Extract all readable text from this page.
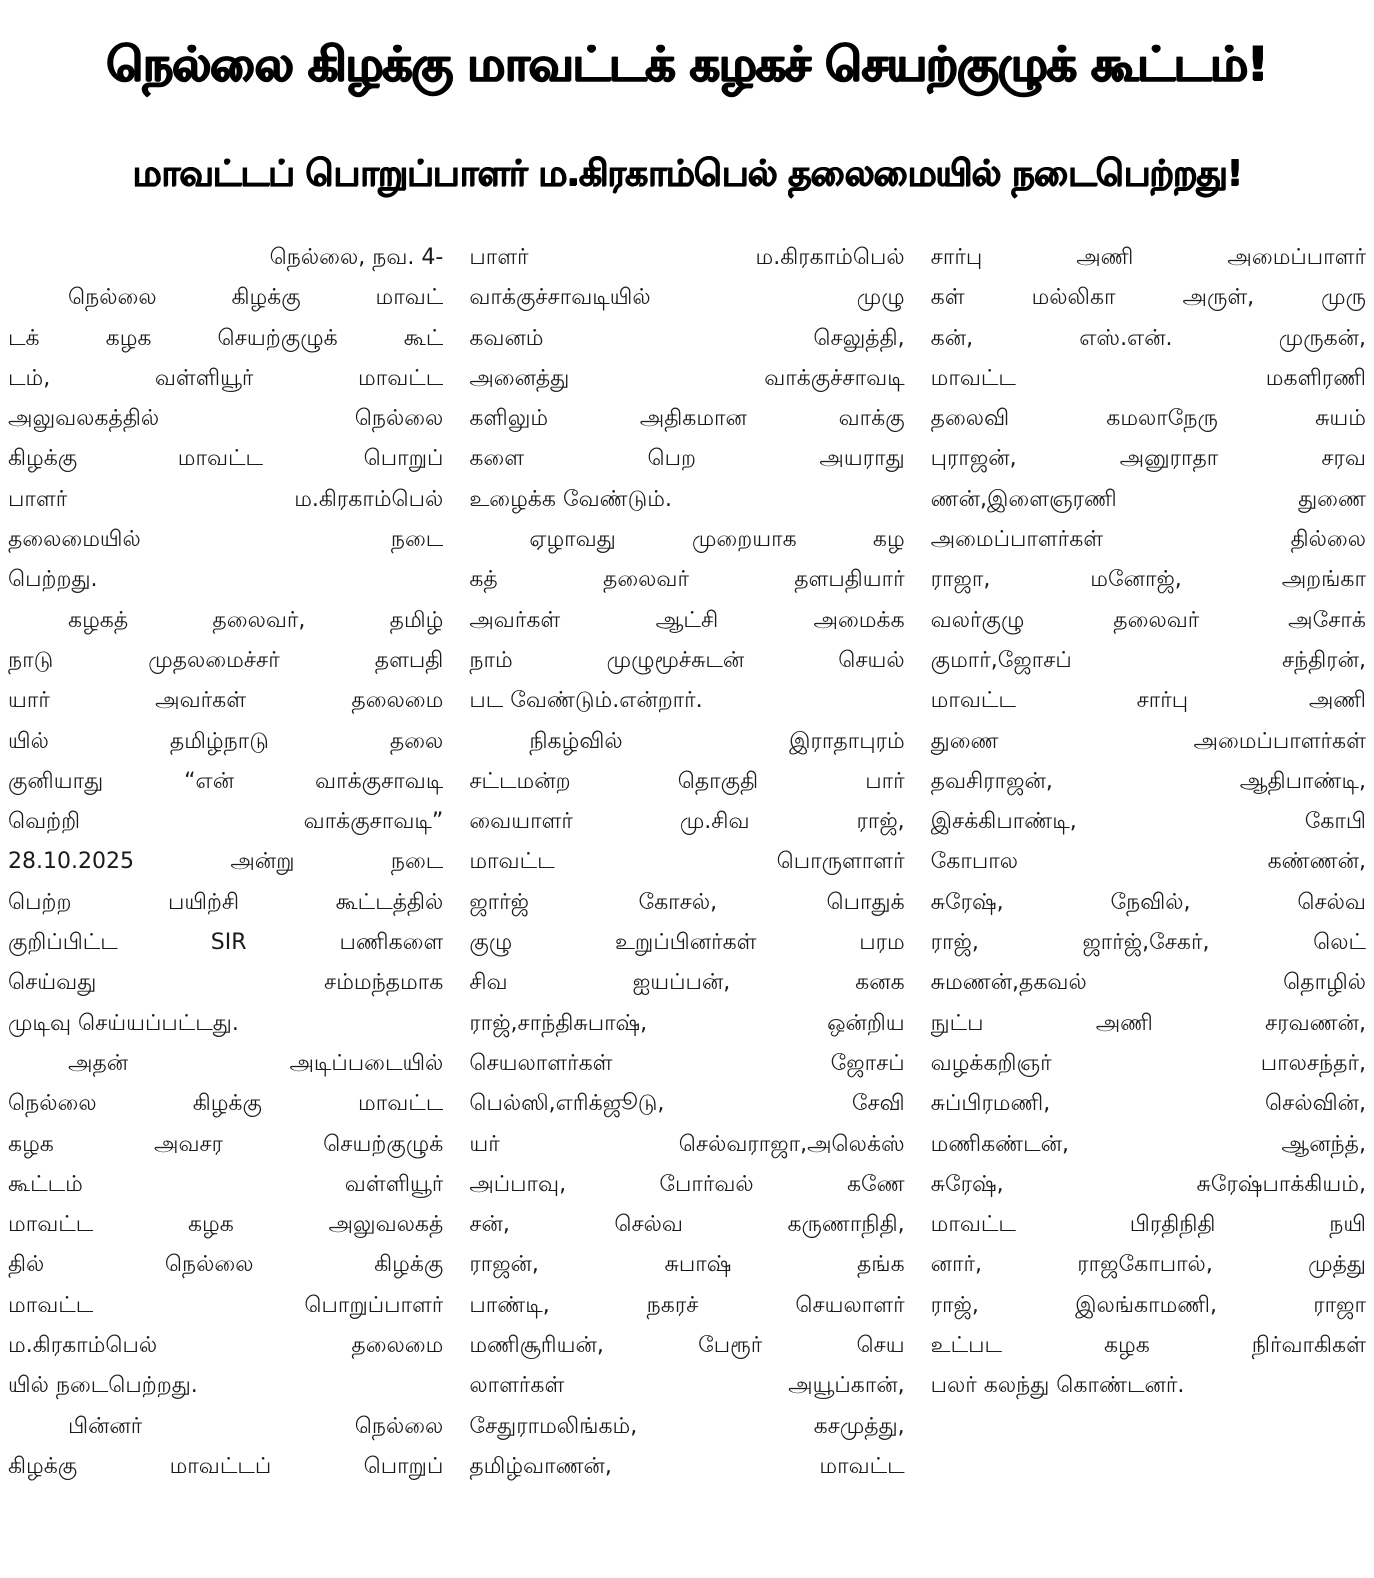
நெல்லை கிழக்கு மாவட்டக் கழகச் செயற்குழுக் கூட்டம்!
மாவட்டப் பொறுப்பாளர் ம.கிரகாம்பெல் தலைமையில் நடைபெற்றது!
நெல்லை, நவ. 4-
நெல்லை கிழக்கு மாவட்
டக் கழக செயற்குழுக் கூட்
டம், வள்ளியூர் மாவட்ட
அலுவலகத்தில் நெல்லை
கிழக்கு மாவட்ட பொறுப்
பாளர் ம.கிரகாம்பெல்
தலைமையில் நடை
பெற்றது.
கழகத் தலைவர், தமிழ்
நாடு முதலமைச்சர் தளபதி
யார் அவர்கள் தலைமை
யில் தமிழ்நாடு தலை
குனியாது “என் வாக்குசாவடி
வெற்றி வாக்குசாவடி”
28.10.2025 அன்று நடை
பெற்ற பயிற்சி கூட்டத்தில்
குறிப்பிட்ட SIR பணிகளை
செய்வது சம்மந்தமாக
முடிவு செய்யப்பட்டது.
அதன் அடிப்படையில்
நெல்லை கிழக்கு மாவட்ட
கழக அவசர செயற்குழுக்
கூட்டம் வள்ளியூர்
மாவட்ட கழக அலுவலகத்
தில் நெல்லை கிழக்கு
மாவட்ட பொறுப்பாளர்
ம.கிரகாம்பெல் தலைமை
யில் நடைபெற்றது.
பின்னர் நெல்லை
கிழக்கு மாவட்டப் பொறுப்
பாளர் ம.கிரகாம்பெல்
வாக்குச்சாவடியில் முழு
கவனம் செலுத்தி,
அனைத்து வாக்குச்சாவடி
களிலும் அதிகமான வாக்கு
களை பெற அயராது
உழைக்க வேண்டும்.
ஏழாவது முறையாக கழ
கத் தலைவர் தளபதியார்
அவர்கள் ஆட்சி அமைக்க
நாம் முழுமூச்சுடன் செயல்
பட வேண்டும்.என்றார்.
நிகழ்வில் இராதாபுரம்
சட்டமன்ற தொகுதி பார்
வையாளர் மு.சிவ ராஜ்,
மாவட்ட பொருளாளர்
ஜார்ஜ் கோசல், பொதுக்
குழு உறுப்பினர்கள் பரம
சிவ ஐயப்பன், கனக
ராஜ்,சாந்திசுபாஷ், ஒன்றிய
செயலாளர்கள் ஜோசப்
பெல்ஸி,எரிக்ஜூடு, சேவி
யர் செல்வராஜா,அலெக்ஸ்
அப்பாவு, போர்வல் கணே
சன், செல்வ கருணாநிதி,
ராஜன், சுபாஷ் தங்க
பாண்டி, நகரச் செயலாளர்
மணிசூரியன், பேரூர் செய
லாளர்கள் அயூப்கான்,
சேதுராமலிங்கம், கசமுத்து,
தமிழ்வாணன், மாவட்ட
சார்பு அணி அமைப்பாளர்
கள் மல்லிகா அருள், முரு
கன், எஸ்.என். முருகன்,
மாவட்ட மகளிரணி
தலைவி கமலாநேரு சுயம்
புராஜன், அனுராதா சரவ
ணன்,இளைஞரணி துணை
அமைப்பாளர்கள் தில்லை
ராஜா, மனோஜ், அறங்கா
வலர்குழு தலைவர் அசோக்
குமார்,ஜோசப் சந்திரன்,
மாவட்ட சார்பு அணி
துணை அமைப்பாளர்கள்
தவசிராஜன், ஆதிபாண்டி,
இசக்கிபாண்டி, கோபி
கோபால கண்ணன்,
சுரேஷ், நேவில், செல்வ
ராஜ், ஜார்ஜ்,சேகர், லெட்
சுமணன்,தகவல் தொழில்
நுட்ப அணி சரவணன்,
வழக்கறிஞர் பாலசந்தர்,
சுப்பிரமணி, செல்வின்,
மணிகண்டன், ஆனந்த்,
சுரேஷ், சுரேஷ்பாக்கியம்,
மாவட்ட பிரதிநிதி நயி
னார், ராஜகோபால், முத்து
ராஜ், இலங்காமணி, ராஜா
உட்பட கழக நிர்வாகிகள்
பலர் கலந்து கொண்டனர்.
